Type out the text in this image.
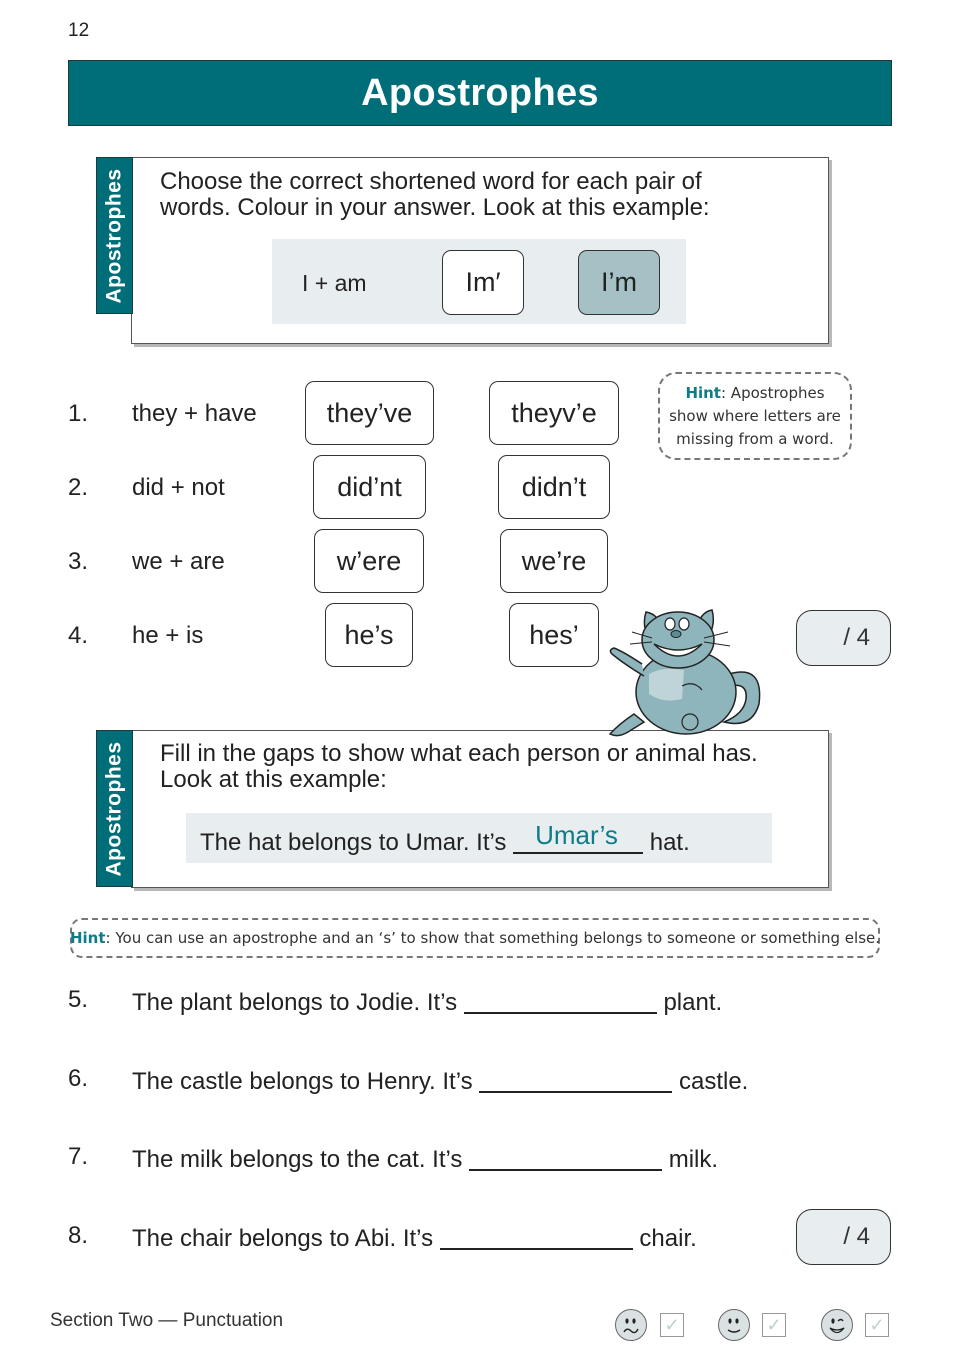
12
Apostrophes
Apostrophes Choose the correct shortened word for each pair of
words. Colour in your answer. Look at this example:
I + am	Im′	I’m
Hint: Apostrophes
show where letters are
missing from a word.
1. they + have	they’ve	theyv’e
2. did + not	did’nt	didn’t
3. we + are	w’ere	we’re
4. he + is	he’s	hes’	/ 4
Apostrophes Fill in the gaps to show what each person or animal has.
Look at this example:
The hat belongs to Umar. It’s Umar’s hat.
Hint: You can use an apostrophe and an ‘s’ to show that something belongs to someone or something else.
5. The plant belongs to Jodie. It’s	plant.
6. The castle belongs to Henry. It’s	castle.
7. The milk belongs to the cat. It’s	milk.
8. The chair belongs to Abi. It’s	chair.	/ 4
Section Two — Punctuation	✓	✓	✓
